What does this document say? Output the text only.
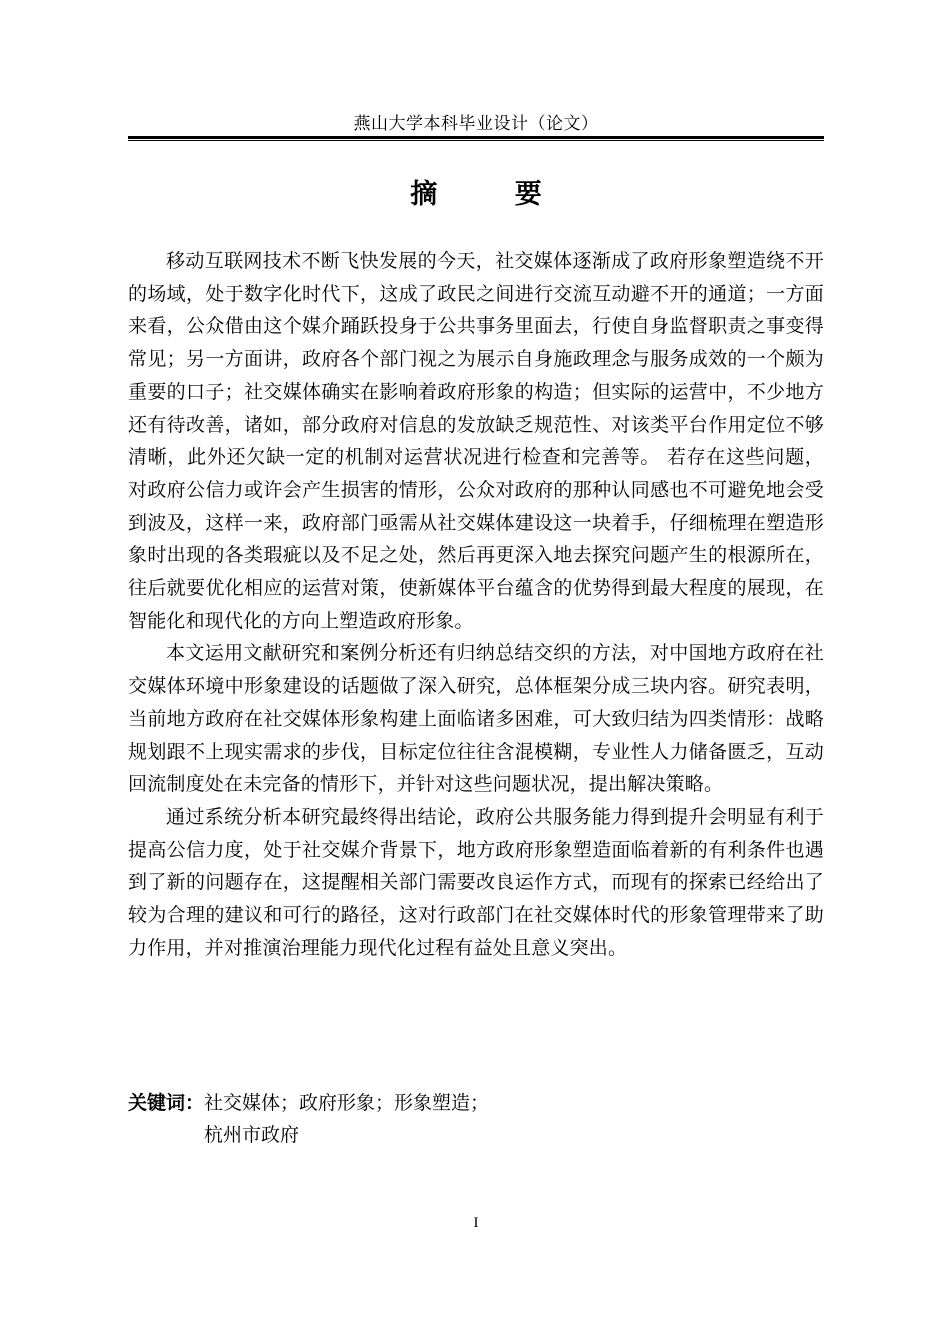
燕山大学本科毕业设计（论文）
摘 要

移动互联网技术不断飞快发展的今天，社交媒体逐渐成了政府形象塑造绕不开的场域，处于数字化时代下，这成了政民之间进行交流互动避不开的通道；一方面来看，公众借由这个媒介踊跃投身于公共事务里面去，行使自身监督职责之事变得常见；另一方面讲，政府各个部门视之为展示自身施政理念与服务成效的一个颇为重要的口子；社交媒体确实在影响着政府形象的构造；但实际的运营中，不少地方还有待改善，诸如，部分政府对信息的发放缺乏规范性、对该类平台作用定位不够清晰，此外还欠缺一定的机制对运营状况进行检查和完善等。 若存在这些问题，对政府公信力或许会产生损害的情形，公众对政府的那种认同感也不可避免地会受到波及，这样一来，政府部门亟需从社交媒体建设这一块着手，仔细梳理在塑造形象时出现的各类瑕疵以及不足之处，然后再更深入地去探究问题产生的根源所在，往后就要优化相应的运营对策，使新媒体平台蕴含的优势得到最大程度的展现，在智能化和现代化的方向上塑造政府形象。

本文运用文献研究和案例分析还有归纳总结交织的方法，对中国地方政府在社交媒体环境中形象建设的话题做了深入研究，总体框架分成三块内容。研究表明，当前地方政府在社交媒体形象构建上面临诸多困难，可大致归结为四类情形：战略规划跟不上现实需求的步伐，目标定位往往含混模糊，专业性人力储备匮乏，互动回流制度处在未完备的情形下，并针对这些问题状况，提出解决策略。

通过系统分析本研究最终得出结论，政府公共服务能力得到提升会明显有利于提高公信力度，处于社交媒介背景下，地方政府形象塑造面临着新的有利条件也遇到了新的问题存在，这提醒相关部门需要改良运作方式，而现有的探索已经给出了较为合理的建议和可行的路径，这对行政部门在社交媒体时代的形象管理带来了助力作用，并对推演治理能力现代化过程有益处且意义突出。

关键词： 社交媒体；政府形象；形象塑造；
杭州市政府
I
